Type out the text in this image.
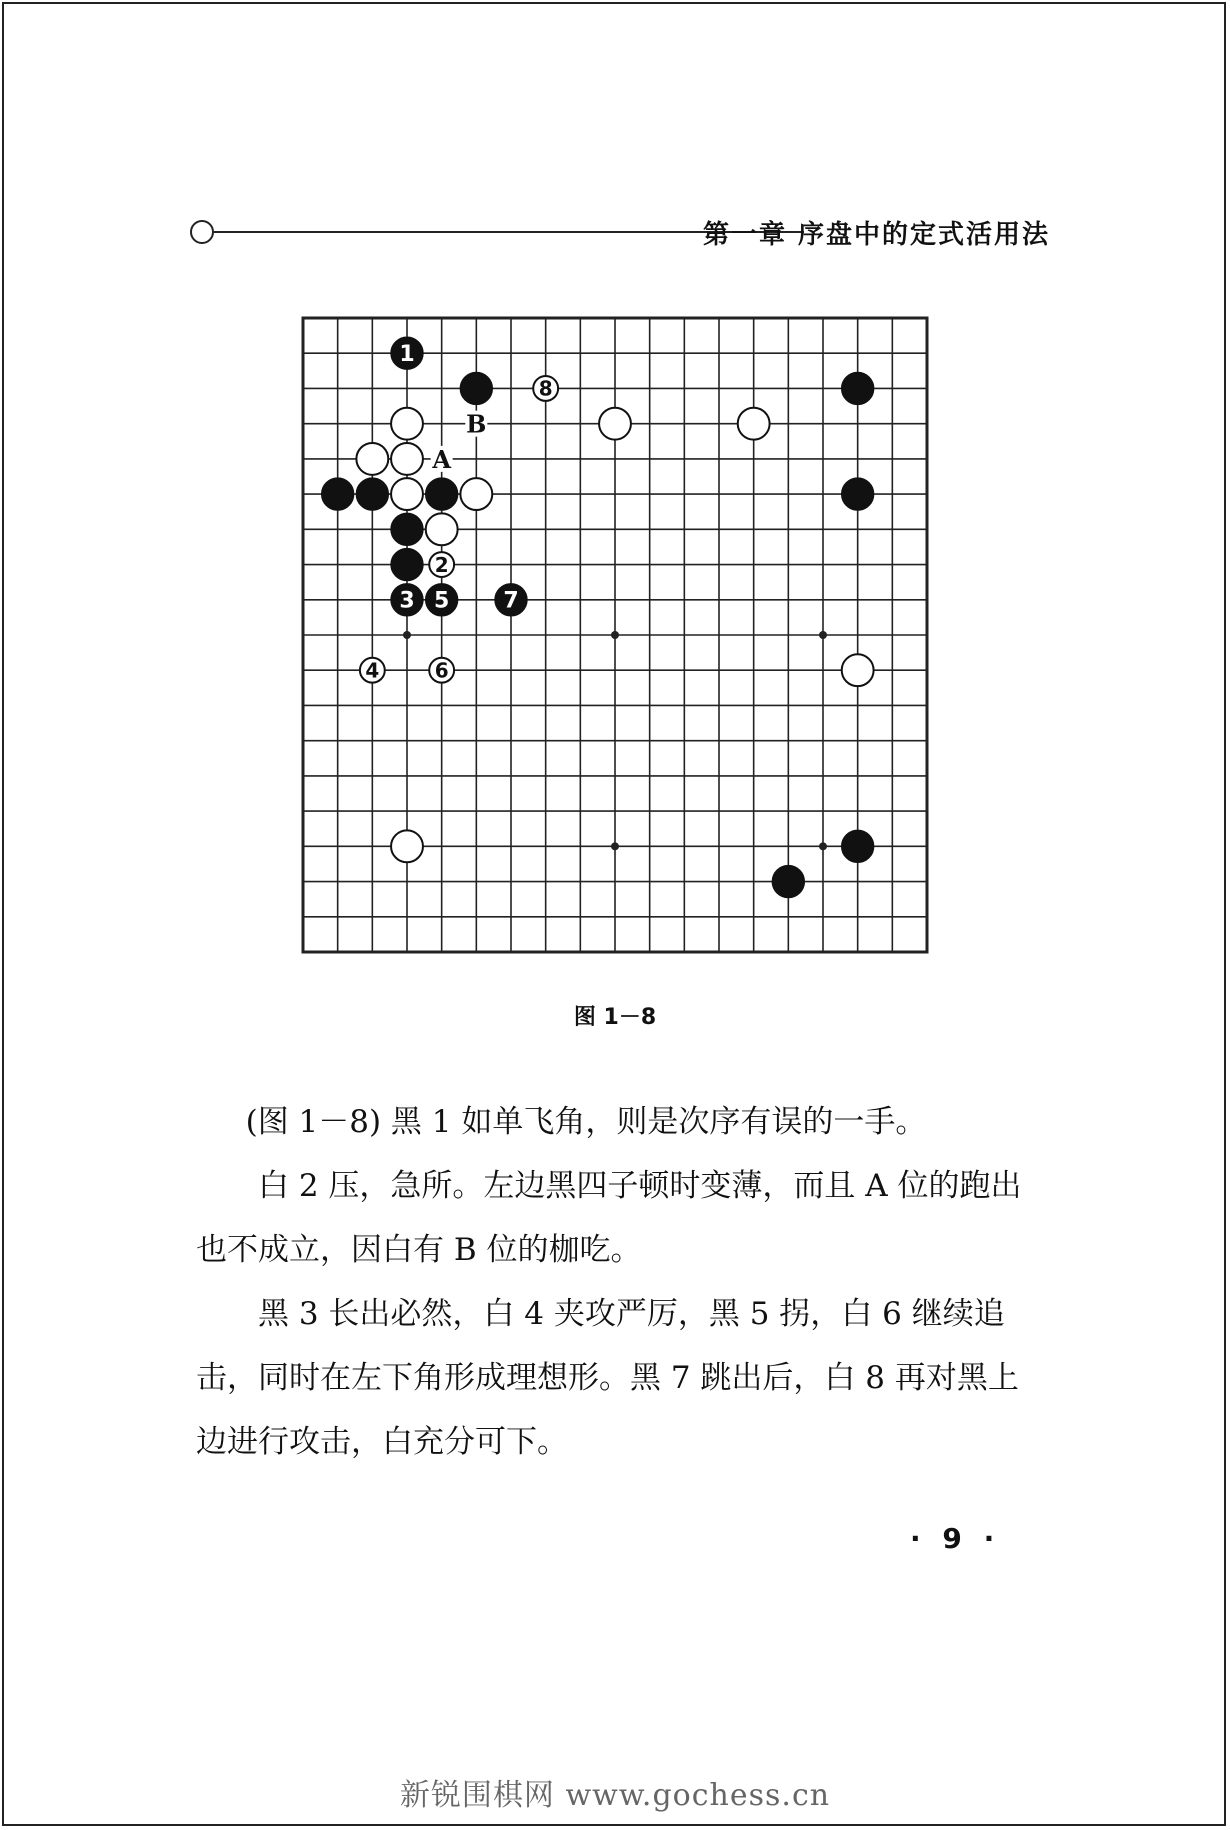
第一章 序盘中的定式活用法
1
3 5 7
8
2
4	6
B
A
图 1－8

(图 1－8) 黑 1 如单飞角，则是次序有误的一手。

白 2 压，急所。左边黑四子顿时变薄，而且 A 位的跑出也不成立，因白有 B 位的枷吃。

黑 3 长出必然，白 4 夹攻严厉，黑 5 拐，白 6 继续追击，同时在左下角形成理想形。黑 7 跳出后，白 8 再对黑上边进行攻击，白充分可下。

· 9 ·
新锐围棋网 www.gochess.cn
